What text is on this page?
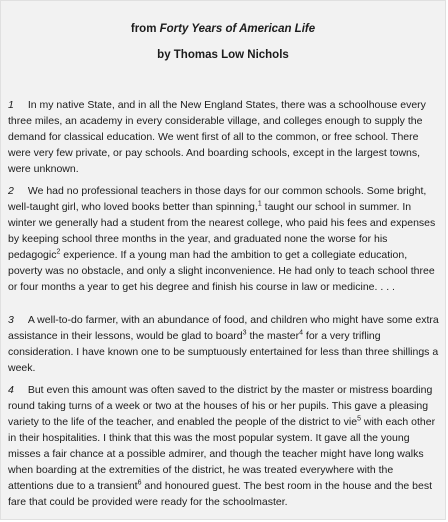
from Forty Years of American Life

by Thomas Low Nichols

1 In my native State, and in all the New England States, there was a schoolhouse every three miles, an academy in every considerable village, and colleges enough to supply the demand for classical education. We went first of all to the common, or free school. There were very few private, or pay schools. And boarding schools, except in the largest towns, were unknown.

2 We had no professional teachers in those days for our common schools. Some bright, well-taught girl, who loved books better than spinning,$^1$ taught our school in summer. In winter we generally had a student from the nearest college, who paid his fees and expenses by keeping school three months in the year, and graduated none the worse for his pedagogic$^2$ experience. If a young man had the ambition to get a collegiate education, poverty was no obstacle, and only a slight inconvenience. He had only to teach school three or four months a year to get his degree and finish his course in law or medicine. . . .

3 A well-to-do farmer, with an abundance of food, and children who might have some extra assistance in their lessons, would be glad to board$^3$ the master$^4$ for a very trifling consideration. I have known one to be sumptuously entertained for less than three shillings a week.

4 But even this amount was often saved to the district by the master or mistress boarding round taking turns of a week or two at the houses of his or her pupils. This gave a pleasing variety to the life of the teacher, and enabled the people of the district to vie$^5$ with each other in their hospitalities. I think that this was the most popular system. It gave all the young misses a fair chance at a possible admirer, and though the teacher might have long walks when boarding at the extremities of the district, he was treated everywhere with the attentions due to a transient$^6$ and honoured guest. The best room in the house and the best fare that could be provided were ready for the schoolmaster.
